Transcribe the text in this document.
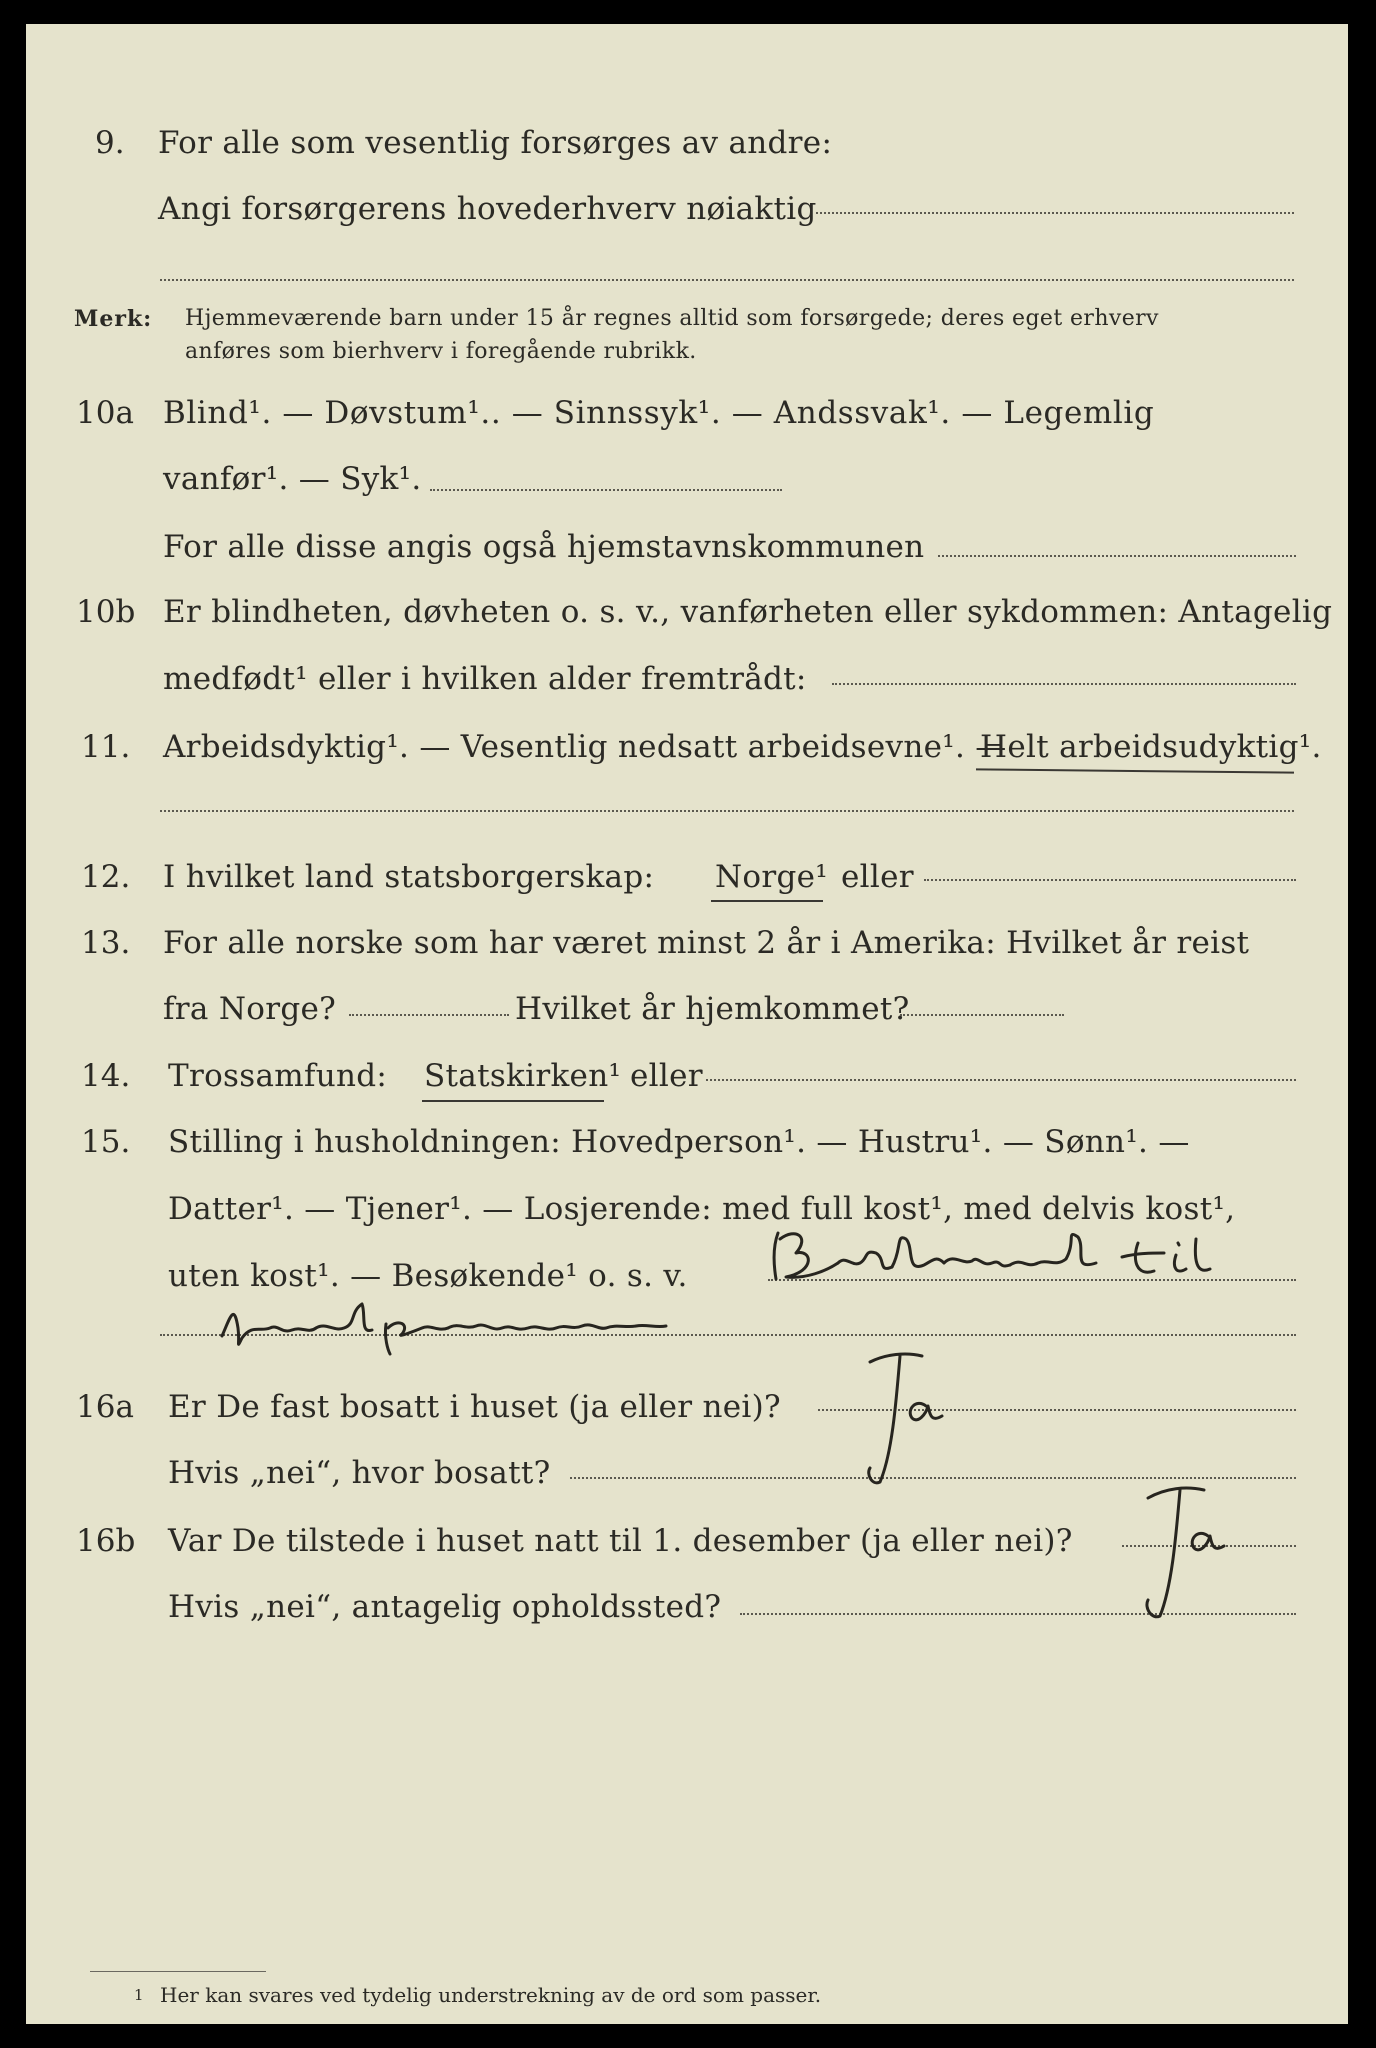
9. For alle som vesentlig forsørges av andre:
Angi forsørgerens hovederhverv nøiaktig
Merk: Hjemmeværende barn under 15 år regnes alltid som forsørgede; deres eget erhverv
anføres som bierhverv i foregående rubrikk.
10a Blind¹. — Døvstum¹.. — Sinnssyk¹. — Andssvak¹. — Legemlig
vanfør¹. — Syk¹.
For alle disse angis også hjemstavnskommunen
10b Er blindheten, døvheten o. s. v., vanførheten eller sykdommen: Antagelig
medfødt¹ eller i hvilken alder fremtrådt:
11. Arbeidsdyktig¹. — Vesentlig nedsatt arbeidsevne¹. —
Helt arbeidsudyktig¹.
12. I hvilket land statsborgerskap: Norge¹ eller
13. For alle norske som har været minst 2 år i Amerika: Hvilket år reist
fra Norge?	Hvilket år hjemkommet?
14. Trossamfund: Statskirken¹ eller
15. Stilling i husholdningen: Hovedperson¹. — Hustru¹. — Sønn¹. —
Datter¹. — Tjener¹. — Losjerende: med full kost¹, med delvis kost¹,
uten kost¹. — Besøkende¹ o. s. v.
16a Er De fast bosatt i huset (ja eller nei)?
Hvis „nei“, hvor bosatt?
16b Var De tilstede i huset natt til 1. desember (ja eller nei)?
Hvis „nei“, antagelig opholdssted?
1 Her kan svares ved tydelig understrekning av de ord som passer.
